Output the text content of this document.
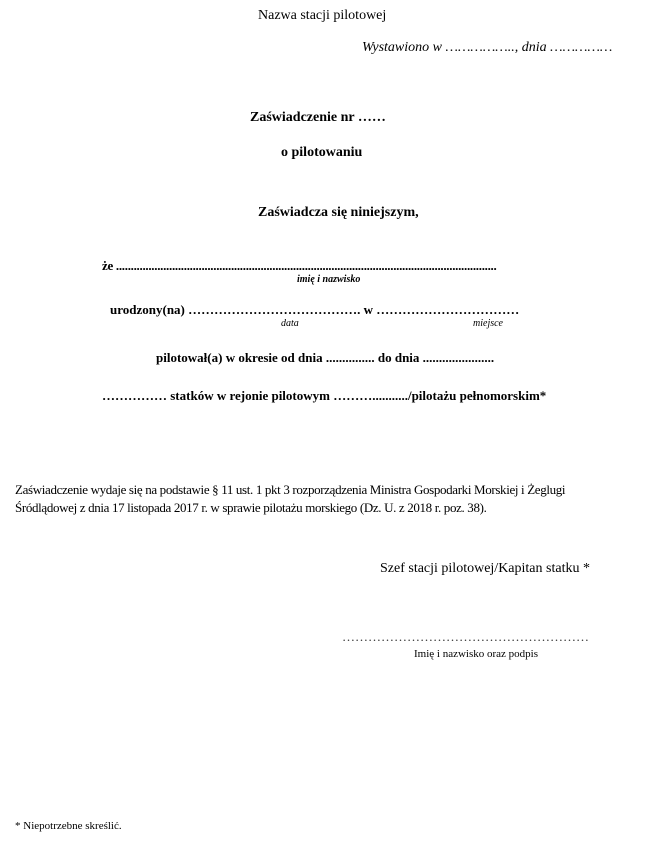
Nazwa stacji pilotowej
Wystawiono w …………….., dnia ……………
Zaświadczenie nr ……
o pilotowaniu
Zaświadcza się niniejszym,
że .................................................................................................................................
imię i nazwisko
urodzony(na) …………………………………. w ……………………………
data	miejsce
pilotował(a) w okresie od dnia ............... do dnia ......................
…………… statków w rejonie pilotowym ……….........../pilotażu pełnomorskim*
Zaświadczenie wydaje się na podstawie § 11 ust. 1 pkt 3 rozporządzenia Ministra Gospodarki Morskiej i Żeglugi
Śródlądowej z dnia 17 listopada 2017 r. w sprawie pilotażu morskiego (Dz. U. z 2018 r. poz. 38).
Szef stacji pilotowej/Kapitan statku *
…………………………………………………
Imię i nazwisko oraz podpis
* Niepotrzebne skreślić.
